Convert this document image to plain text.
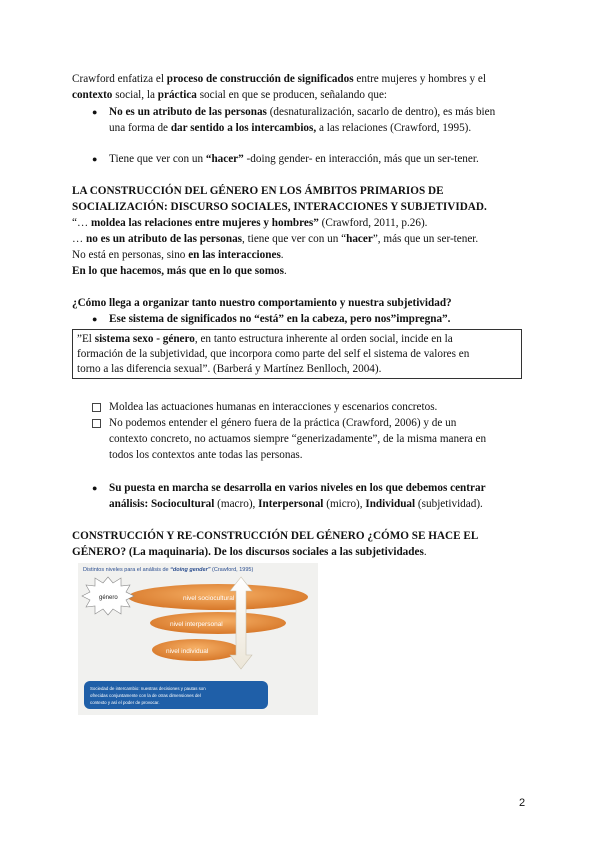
Crawford enfatiza el proceso de construcción de significados entre mujeres y hombres y el
contexto social, la práctica social en que se producen, señalando que:
● No es un atributo de las personas (desnaturalización, sacarlo de dentro), es más bien
una forma de dar sentido a los intercambios, a las relaciones (Crawford, 1995).
● Tiene que ver con un “hacer” -doing gender- en interacción, más que un ser-tener.
LA CONSTRUCCIÓN DEL GÉNERO EN LOS ÁMBITOS PRIMARIOS DE
SOCIALIZACIÓN: DISCURSO SOCIALES, INTERACCIONES Y SUBJETIVIDAD.
“… moldea las relaciones entre mujeres y hombres” (Crawford, 2011, p.26).
… no es un atributo de las personas, tiene que ver con un “hacer”, más que un ser-tener.
No está en personas, sino en las interacciones.
En lo que hacemos, más que en lo que somos.
¿Cómo llega a organizar tanto nuestro comportamiento y nuestra subjetividad?
● Ese sistema de significados no “está” en la cabeza, pero nos”impregna”.
”El sistema sexo - género, en tanto estructura inherente al orden social, incide en la
formación de la subjetividad, que incorpora como parte del self el sistema de valores en
torno a las diferencia sexual”. (Barberá y Martínez Benlloch, 2004).
Moldea las actuaciones humanas en interacciones y escenarios concretos.
No podemos entender el género fuera de la práctica (Crawford, 2006) y de un
contexto concreto, no actuamos siempre “generizadamente”, de la misma manera en
todos los contextos ante todas las personas.
● Su puesta en marcha se desarrolla en varios niveles en los que debemos centrar
análisis: Sociocultural (macro), Interpersonal (micro), Individual (subjetividad).
CONSTRUCCIÓN Y RE-CONSTRUCCIÓN DEL GÉNERO ¿CÓMO SE HACE EL
GÉNERO? (La maquinaria). De los discursos sociales a las subjetividades.
Distintos niveles para el análisis de “doing gender” (Crawford, 1995)
nivel sociocultural
nivel interpersonal
nivel individual
género
Sociedad de intercambio: nuestras decisiones y pautas son ofrecidas conjuntamente con la de otras dimensiones del contexto y así el poder de provocar.
2
